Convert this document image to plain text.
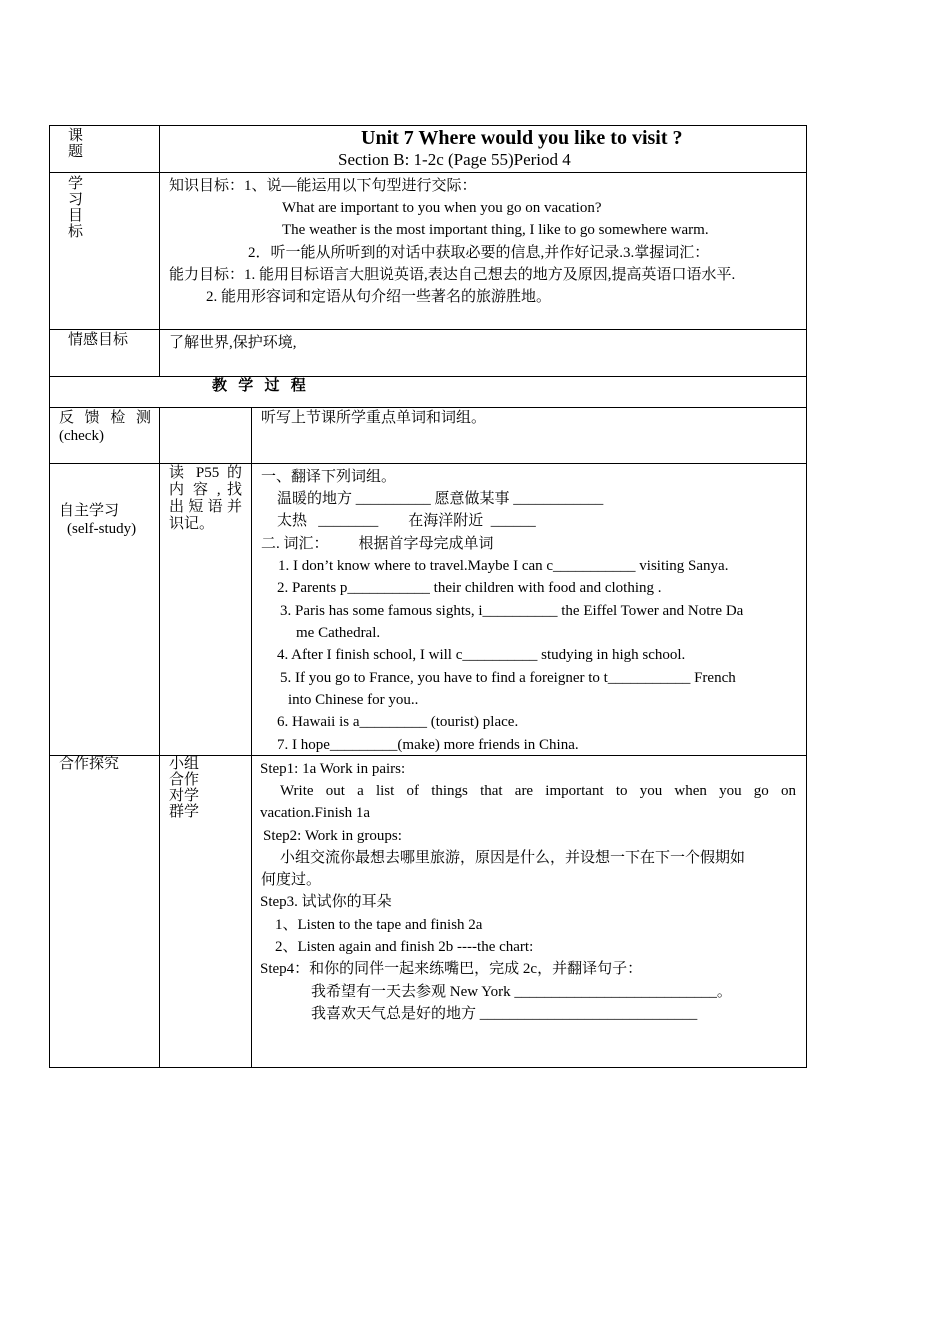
课题
Unit 7 Where would you like to visit ?
Section B: 1-2c (Page 55)Period 4
学习目标
知识目标：1、说—能运用以下句型进行交际：
What are important to you when you go on vacation?
The weather is the most important thing, I like to go somewhere warm.
2．听一能从所听到的对话中获取必要的信息,并作好记录.3.掌握词汇：
能力目标：1. 能用目标语言大胆说英语,表达自己想去的地方及原因,提高英语口语水平.
2. 能用形容词和定语从句介绍一些著名的旅游胜地。
情感目标	了解世界,保护环境,
教   学   过   程
反 馈 检 测
(check)
听写上节课所学重点单词和词组。
自主学习
(self-study)
读 P55 的
内 容 , 找
出 短 语 并
识记。
一、翻译下列词组。
温暖的地方 __________ 愿意做某事 ____________
太热   ________        在海洋附近  ______
二. 词汇：        根据首字母完成单词
1. I don’t know where to travel.Maybe I can c___________ visiting Sanya.
2. Parents p___________ their children with food and clothing .
3. Paris has some famous sights, i__________ the Eiffel Tower and Notre Da
me Cathedral.
4. After I finish school, I will c__________ studying in high school.
5. If you go to France, you have to find a foreigner to t___________ French
into Chinese for you..
6. Hawaii is a_________ (tourist) place.
7. I hope_________(make) more friends in China.
合作探究	小组
合作
对学
群学
Step1: 1a Work in pairs:
Write out a list of things that are important to you when you go on
vacation.Finish 1a
Step2: Work in groups:
小组交流你最想去哪里旅游，原因是什么，并设想一下在下一个假期如
何度过。
Step3. 试试你的耳朵
1、Listen to the tape and finish 2a
2、Listen again and finish 2b ----the chart:
Step4：和你的同伴一起来练嘴巴，完成 2c，并翻译句子：
我希望有一天去参观 New York ___________________________。
我喜欢天气总是好的地方 _____________________________
